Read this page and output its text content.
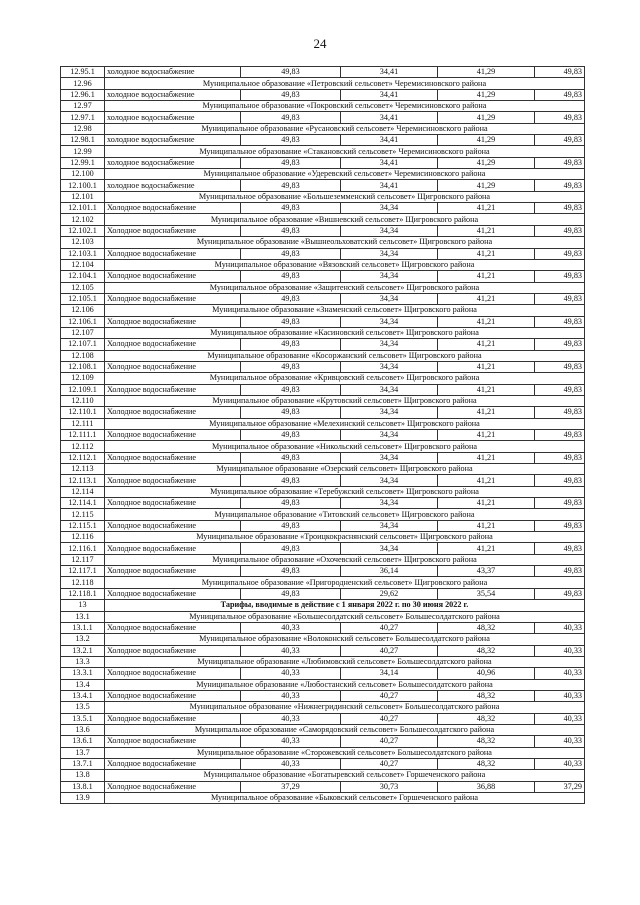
24
12.95.1	холодное водоснабжение	49,83	34,41	41,29	49,83
12.96	Муниципальное образование «Петровский сельсовет» Черемисиновского района				
12.96.1	холодное водоснабжение	49,83	34,41	41,29	49,83
12.97	Муниципальное образование «Покровский сельсовет» Черемисиновского района				
12.97.1	холодное водоснабжение	49,83	34,41	41,29	49,83
12.98	Муниципальное образование «Русановский сельсовет» Черемисиновского района				
12.98.1	холодное водоснабжение	49,83	34,41	41,29	49,83
12.99	Муниципальное образование «Стакановский сельсовет» Черемисиновского района				
12.99.1	холодное водоснабжение	49,83	34,41	41,29	49,83
12.100	Муниципальное образование «Удеревский сельсовет» Черемисиновского района				
12.100.1	холодное водоснабжение	49,83	34,41	41,29	49,83
12.101	Муниципальное образование «Большеземменский сельсовет» Щигровского района				
12.101.1	Холодное водоснабжение	49,83	34,34	41,21	49,83
12.102	Муниципальное образование «Вишневский сельсовет» Щигровского района				
12.102.1	Холодное водоснабжение	49,83	34,34	41,21	49,83
12.103	Муниципальное образование «Вышнеольховатский сельсовет» Щигровского района				
12.103.1	Холодное водоснабжение	49,83	34,34	41,21	49,83
12.104	Муниципальное образование «Вязовский сельсовет» Щигровского района				
12.104.1	Холодное водоснабжение	49,83	34,34	41,21	49,83
12.105	Муниципальное образование «Защитенский сельсовет» Щигровского района				
12.105.1	Холодное водоснабжение	49,83	34,34	41,21	49,83
12.106	Муниципальное образование «Знаменский сельсовет» Щигровского района				
12.106.1	Холодное водоснабжение	49,83	34,34	41,21	49,83
12.107	Муниципальное образование «Касиновский сельсовет» Щигровского района				
12.107.1	Холодное водоснабжение	49,83	34,34	41,21	49,83
12.108	Муниципальное образование «Косоржанский сельсовет» Щигровского района				
12.108.1	Холодное водоснабжение	49,83	34,34	41,21	49,83
12.109	Муниципальное образование «Кривцовский сельсовет» Щигровского района				
12.109.1	Холодное водоснабжение	49,83	34,34	41,21	49,83
12.110	Муниципальное образование «Крутовский сельсовет» Щигровского района				
12.110.1	Холодное водоснабжение	49,83	34,34	41,21	49,83
12.111	Муниципальное образование «Мелехинский сельсовет» Щигровского района				
12.111.1	Холодное водоснабжение	49,83	34,34	41,21	49,83
12.112	Муниципальное образование «Никольский сельсовет» Щигровского района				
12.112.1	Холодное водоснабжение	49,83	34,34	41,21	49,83
12.113	Муниципальное образование «Озерский сельсовет» Щигровского района				
12.113.1	Холодное водоснабжение	49,83	34,34	41,21	49,83
12.114	Муниципальное образование «Теребужский сельсовет» Щигровского района				
12.114.1	Холодное водоснабжение	49,83	34,34	41,21	49,83
12.115	Муниципальное образование «Титовский сельсовет» Щигровского района				
12.115.1	Холодное водоснабжение	49,83	34,34	41,21	49,83
12.116	Муниципальное образование «Троицкокраснянский сельсовет» Щигровского района				
12.116.1	Холодное водоснабжение	49,83	34,34	41,21	49,83
12.117	Муниципальное образование «Охочевский сельсовет» Щигровского района				
12.117.1	Холодное водоснабжение	49,83	36,14	43,37	49,83
12.118	Муниципальное образование «Пригородненский сельсовет» Щигровского района				
12.118.1	Холодное водоснабжение	49,83	29,62	35,54	49,83
13	Тарифы, вводимые в действие с 1 января 2022 г. по 30 июня 2022 г.				
13.1	Муниципальное образование «Большесолдатский сельсовет» Большесолдатского района				
13.1.1	Холодное водоснабжение	40,33	40,27	48,32	40,33
13.2	Муниципальное образование «Волоконский сельсовет» Большесолдатского района				
13.2.1	Холодное водоснабжение	40,33	40,27	48,32	40,33
13.3	Муниципальное образование «Любимовский сельсовет» Большесолдатского района				
13.3.1	Холодное водоснабжение	40,33	34,14	40,96	40,33
13.4	Муниципальное образование «Любостанский сельсовет» Большесолдатского района				
13.4.1	Холодное водоснабжение	40,33	40,27	48,32	40,33
13.5	Муниципальное образование «Нижнегридинский сельсовет» Большесолдатского района				
13.5.1	Холодное водоснабжение	40,33	40,27	48,32	40,33
13.6	Муниципальное образование «Саморядовский сельсовет» Большесолдатского района				
13.6.1	Холодное водоснабжение	40,33	40,27	48,32	40,33
13.7	Муниципальное образование «Сторожевский сельсовет» Большесолдатского района				
13.7.1	Холодное водоснабжение	40,33	40,27	48,32	40,33
13.8	Муниципальное образование «Богатыревский сельсовет» Горшеченского района				
13.8.1	Холодное водоснабжение	37,29	30,73	36,88	37,29
13.9	Муниципальное образование «Быковский сельсовет» Горшеченского района				
